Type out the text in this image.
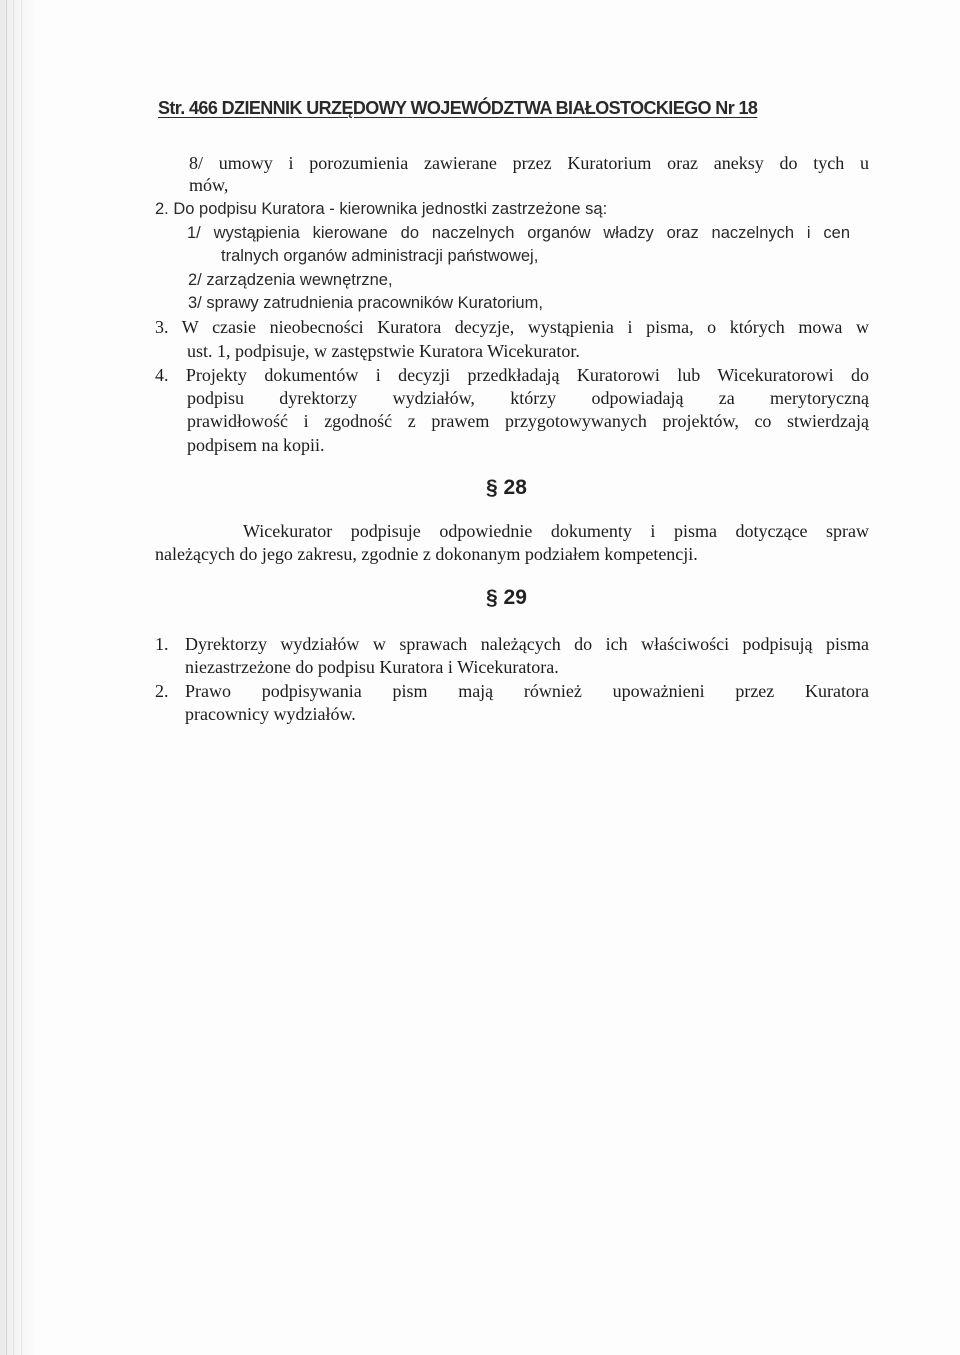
Str. 466 DZIENNIK URZĘDOWY WOJEWÓDZTWA BIAŁOSTOCKIEGO Nr 18
8/ umowy i porozumienia zawierane przez Kuratorium oraz aneksy do tych u
mów,
2. Do podpisu Kuratora - kierownika jednostki zastrzeżone są:
1/ wystąpienia kierowane do naczelnych organów władzy oraz naczelnych i cen
tralnych organów administracji państwowej,
2/ zarządzenia wewnętrzne,
3/ sprawy zatrudnienia pracowników Kuratorium,
3. W czasie nieobecności Kuratora decyzje, wystąpienia i pisma, o których mowa w
ust. 1, podpisuje, w zastępstwie Kuratora Wicekurator.
4. Projekty dokumentów i decyzji przedkładają Kuratorowi lub Wicekuratorowi do
podpisu dyrektorzy wydziałów, którzy odpowiadają za merytoryczną
prawidłowość i zgodność z prawem przygotowywanych projektów, co stwierdzają
podpisem na kopii.
§ 28
Wicekurator podpisuje odpowiednie dokumenty i pisma dotyczące spraw
należących do jego zakresu, zgodnie z dokonanym podziałem kompetencji.
§ 29
1. Dyrektorzy wydziałów w sprawach należących do ich właściwości podpisują pisma
niezastrzeżone do podpisu Kuratora i Wicekuratora.
2. Prawo podpisywania pism mają również upoważnieni przez Kuratora
pracownicy wydziałów.
